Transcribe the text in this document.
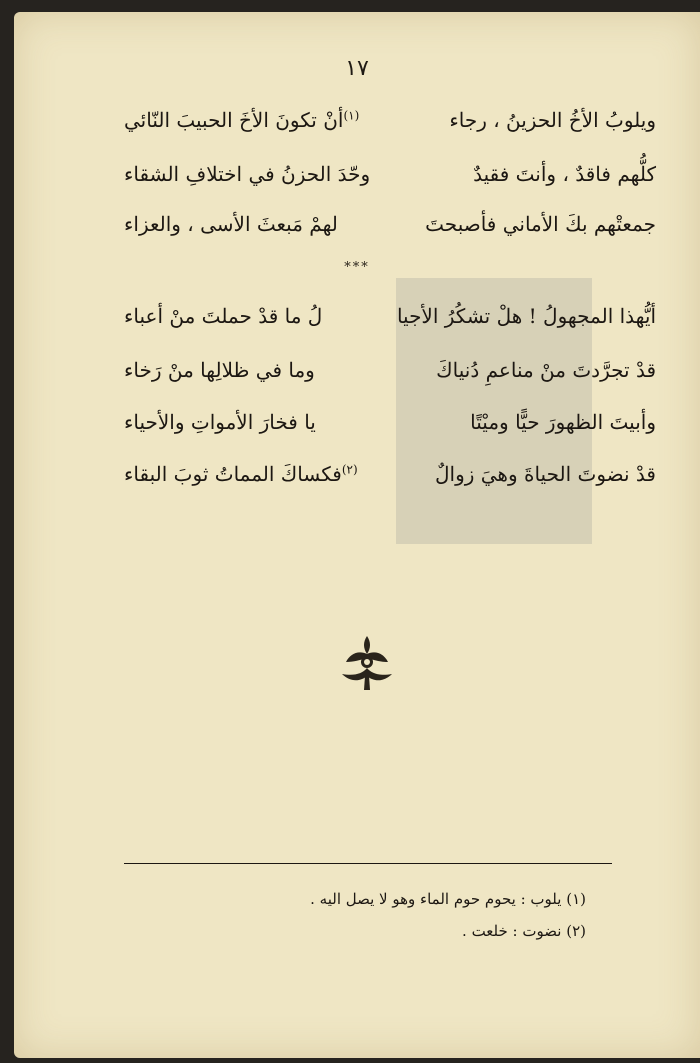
١٧
ويلوبُ الأخُ الحزينُ ، رجاء
$^{(١)}$أنْ تكونَ الأخَ الحبيبَ النّائي
كلُّهم فاقدٌ ، وأنتَ فقيدٌ
وحّدَ الحزنُ في اختلافِ الشقاء
جمعتْهم بكَ الأماني فأصبحتَ
لهمْ مَبعثَ الأسى ، والعزاء
***
أيُّهذا المجهولُ ! هلْ تشكُرُ الأجيا
لُ ما قدْ حملتَ منْ أعباء
قدْ تجرَّدتَ منْ مناعمِ دُنياكَ
وما في ظلالِها منْ رَخاء
وأبيتَ الظهورَ حيًّا وميْتًا
يا فخارَ الأمواتِ والأحياء
قدْ نضوتَ الحياةَ وهيَ زوالٌ
$^{(٢)}$فكساكَ المماتُ ثوبَ البقاء
(١) يلوب : يحوم حوم الماء وهو لا يصل اليه .
(٢) نضوت : خلعت .
